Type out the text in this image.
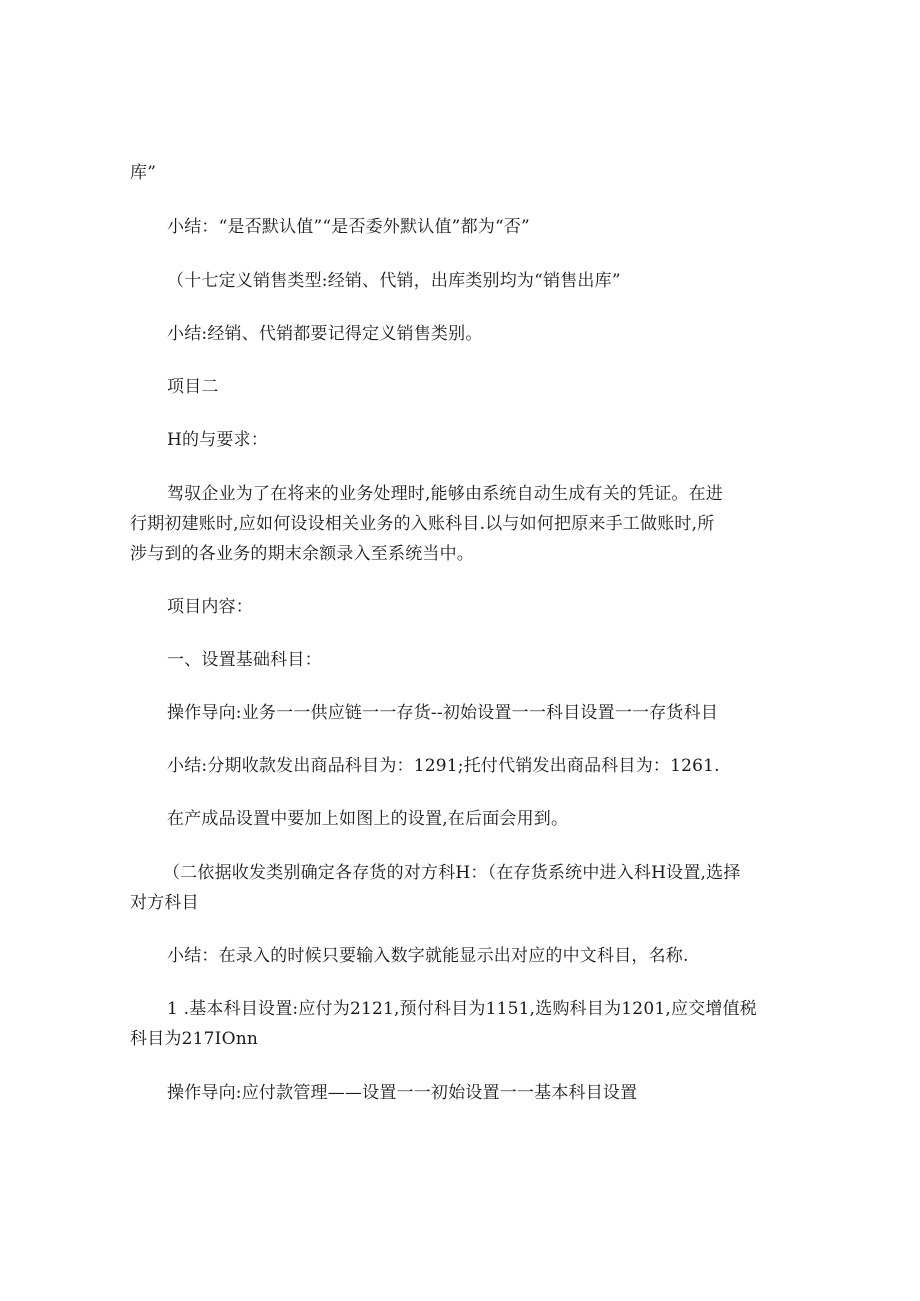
库”
小结：“是否默认值”“是否委外默认值”都为“否”
（十七定义销售类型:经销、代销，出库类别均为“销售出库”
小结:经销、代销都要记得定义销售类别。
项目二
H的与要求：
驾驭企业为了在将来的业务处理时,能够由系统自动生成有关的凭证。在进
行期初建账时,应如何设设相关业务的入账科目.以与如何把原来手工做账时,所
涉与到的各业务的期末余额录入至系统当中。
项目内容：
一、设置基础科目：
操作导向:业务一一供应链一一存货--初始设置一一科目设置一一存货科目
小结:分期收款发出商品科目为：1291;托付代销发出商品科目为：1261.
在产成品设置中要加上如图上的设置,在后面会用到。
（二依据收发类别确定各存货的对方科H：（在存货系统中进入科H设置,选择
对方科目
小结：在录入的时候只要输入数字就能显示出对应的中文科目，名称.
1 .基本科目设置:应付为2121,预付科目为1151,选购科目为1201,应交增值税
科目为217IOnn
操作导向:应付款管理——设置一一初始设置一一基本科目设置
